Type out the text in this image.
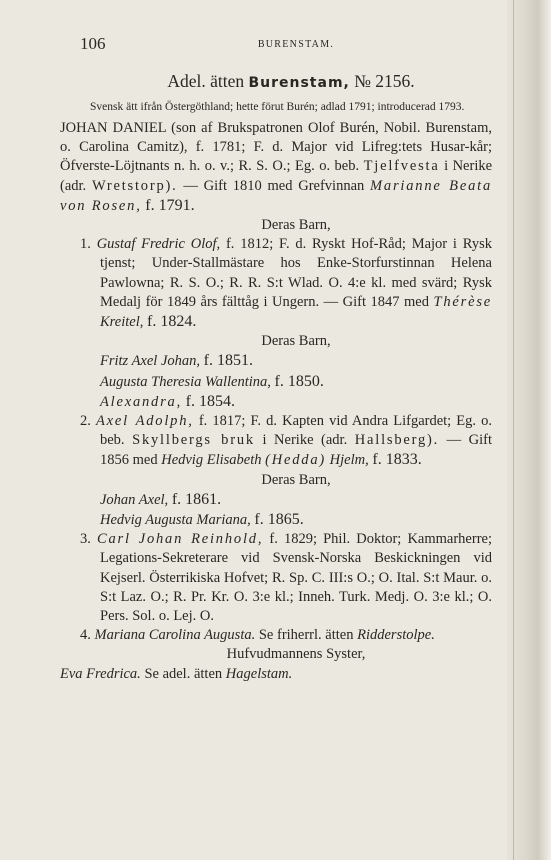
106	BURENSTAM.
Adel. ätten Burenstam, № 2156.

Svensk ätt ifrån Östergöthland; hette förut Burén; adlad 1791; introducerad 1793.

JOHAN DANIEL (son af Brukspatronen Olof Burén, Nobil. Burenstam, o. Carolina Camitz), f. 1781; F. d. Major vid Lifreg:tets Husar-kår; Öfverste-Löjtnants n. h. o. v.; R. S. O.; Eg. o. beb. Tjelfvesta i Nerike (adr. Wretstorp). — Gift 1810 med Grefvinnan Marianne Beata von Rosen, f. 1791.

Deras Barn,

1. Gustaf Fredric Olof, f. 1812; F. d. Ryskt Hof-Råd; Major i Rysk tjenst; Under-Stallmästare hos Enke-Storfurstinnan Helena Pawlowna; R. S. O.; R. R. S:t Wlad. O. 4:e kl. med svärd; Rysk Medalj för 1849 års fälttåg i Ungern. — Gift 1847 med Thérèse Kreitel, f. 1824.

Deras Barn,
Fritz Axel Johan, f. 1851.
Augusta Theresia Wallentina, f. 1850.
Alexandra, f. 1854.

2. Axel Adolph, f. 1817; F. d. Kapten vid Andra Lifgardet; Eg. o. beb. Skyllbergs bruk i Nerike (adr. Hallsberg). — Gift 1856 med Hedvig Elisabeth (Hedda) Hjelm, f. 1833.

Deras Barn,
Johan Axel, f. 1861.
Hedvig Augusta Mariana, f. 1865.

3. Carl Johan Reinhold, f. 1829; Phil. Doktor; Kammarherre; Legations-Sekreterare vid Svensk-Norska Beskickningen vid Kejserl. Österrikiska Hofvet; R. Sp. C. III:s O.; O. Ital. S:t Maur. o. S:t Laz. O.; R. Pr. Kr. O. 3:e kl.; Inneh. Turk. Medj. O. 3:e kl.; O. Pers. Sol. o. Lej. O.

4. Mariana Carolina Augusta. Se friherrl. ätten Ridderstolpe.

Hufvudmannens Syster,
Eva Fredrica. Se adel. ätten Hagelstam.
